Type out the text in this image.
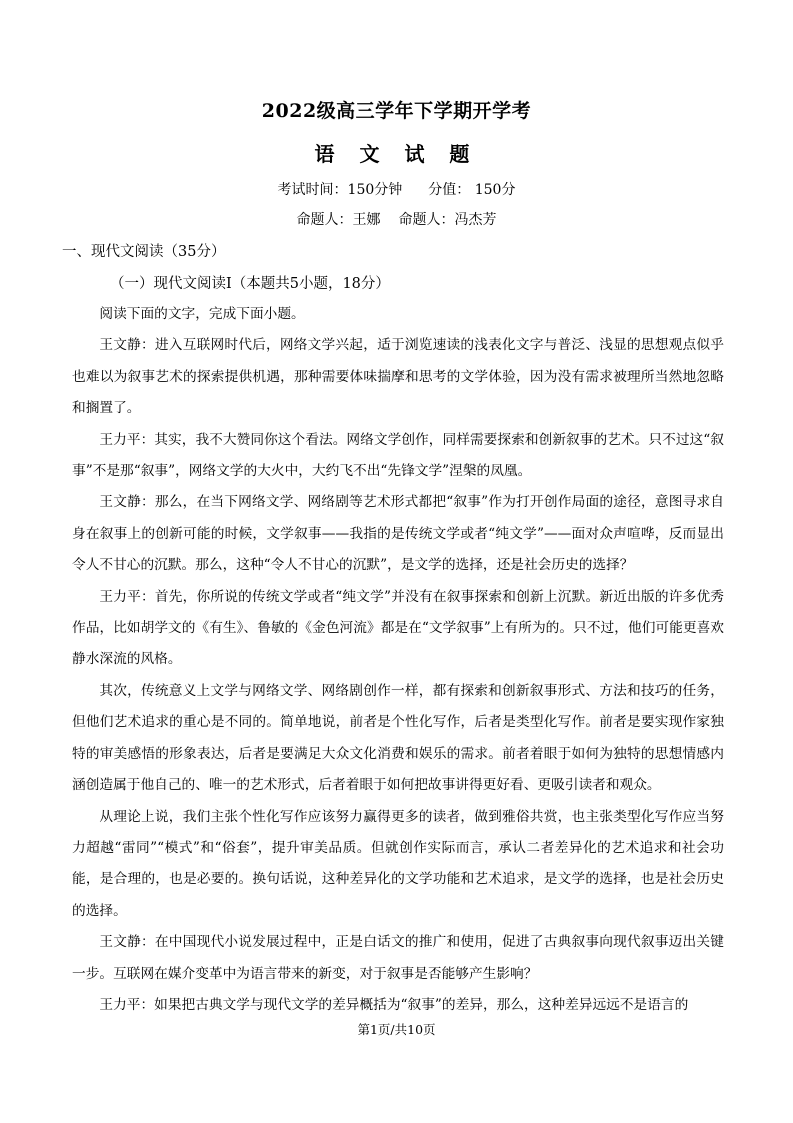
2022级高三学年下学期开学考
语 文 试 题
考试时间：150分钟 分值： 150分
命题人：王娜 命题人：冯杰芳
一、现代文阅读（35分）
（一）现代文阅读Ⅰ（本题共5小题，18分）

阅读下面的文字，完成下面小题。

王文静：进入互联网时代后，网络文学兴起，适于浏览速读的浅表化文字与普泛、浅显的思想观点似乎也难以为叙事艺术的探索提供机遇，那种需要体味揣摩和思考的文学体验，因为没有需求被理所当然地忽略和搁置了。

王力平：其实，我不大赞同你这个看法。网络文学创作，同样需要探索和创新叙事的艺术。只不过这“叙事”不是那“叙事”，网络文学的大火中，大约飞不出“先锋文学”涅槃的凤凰。

王文静：那么，在当下网络文学、网络剧等艺术形式都把“叙事”作为打开创作局面的途径，意图寻求自身在叙事上的创新可能的时候，文学叙事——我指的是传统文学或者“纯文学”——面对众声喧哗，反而显出令人不甘心的沉默。那么，这种“令人不甘心的沉默”，是文学的选择，还是社会历史的选择？

王力平：首先，你所说的传统文学或者“纯文学”并没有在叙事探索和创新上沉默。新近出版的许多优秀作品，比如胡学文的《有生》、鲁敏的《金色河流》都是在“文学叙事”上有所为的。只不过，他们可能更喜欢静水深流的风格。

其次，传统意义上文学与网络文学、网络剧创作一样，都有探索和创新叙事形式、方法和技巧的任务，但他们艺术追求的重心是不同的。简单地说，前者是个性化写作，后者是类型化写作。前者是要实现作家独特的审美感悟的形象表达，后者是要满足大众文化消费和娱乐的需求。前者着眼于如何为独特的思想情感内涵创造属于他自己的、唯一的艺术形式，后者着眼于如何把故事讲得更好看、更吸引读者和观众。

从理论上说，我们主张个性化写作应该努力赢得更多的读者，做到雅俗共赏，也主张类型化写作应当努力超越“雷同”“模式”和“俗套”，提升审美品质。但就创作实际而言，承认二者差异化的艺术追求和社会功能，是合理的，也是必要的。换句话说，这种差异化的文学功能和艺术追求，是文学的选择，也是社会历史的选择。

王文静：在中国现代小说发展过程中，正是白话文的推广和使用，促进了古典叙事向现代叙事迈出关键一步。互联网在媒介变革中为语言带来的新变，对于叙事是否能够产生影响？

王力平：如果把古典文学与现代文学的差异概括为“叙事”的差异，那么，这种差异远远不是语言的

第1页/共10页
